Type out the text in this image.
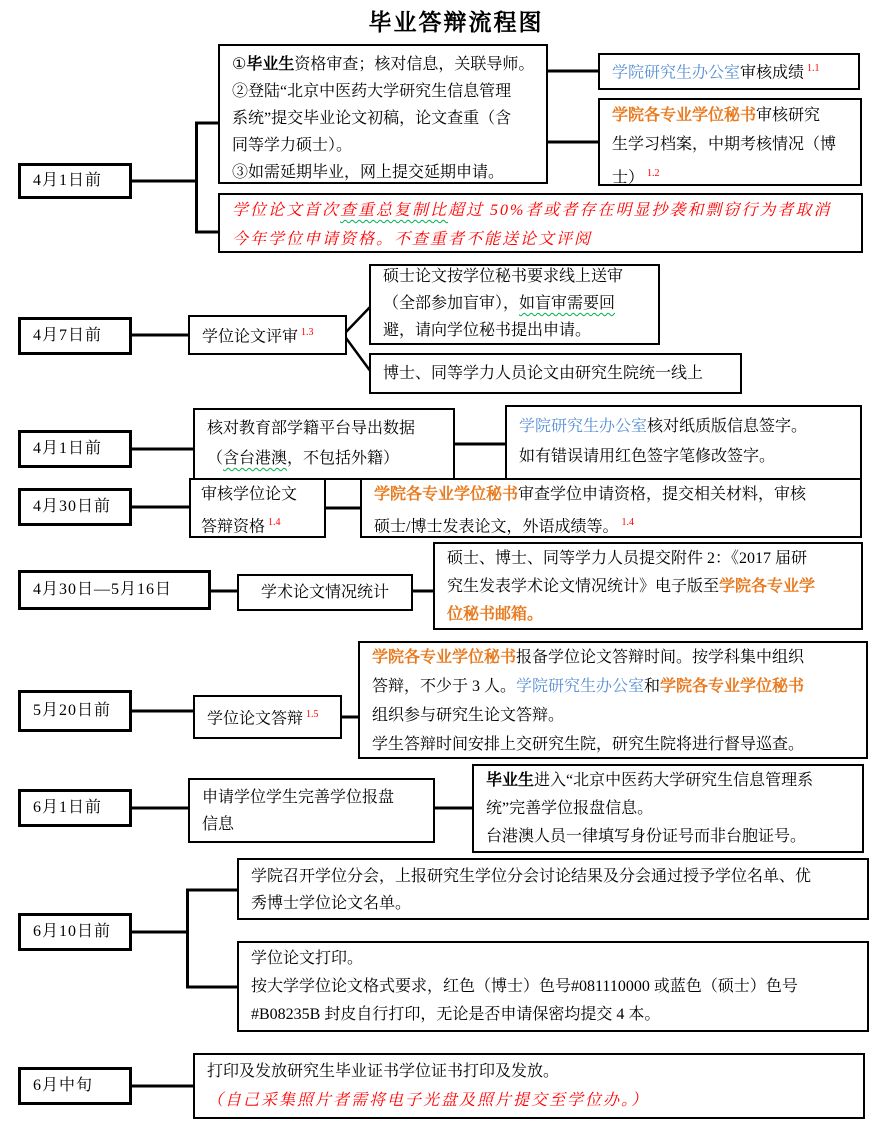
毕业答辩流程图
4月1日前
4月7日前
4月1日前
4月30日前
4月30日—5月16日
5月20日前
6月1日前
6月10日前
6月中旬
①毕业生资格审查；核对信息，关联导师。
②登陆“北京中医药大学研究生信息管理
系统”提交毕业论文初稿，论文查重（含
同等学力硕士）。
③如需延期毕业，网上提交延期申请。
学院研究生办公室审核成绩 $^{1.1}$
学院各专业学位秘书审核研究
生学习档案，中期考核情况（博
士） $^{1.2}$
学位论文首次查重总复制比超过 50%者或者存在明显抄袭和剽窃行为者取消
今年学位申请资格。不查重者不能送论文评阅
学位论文评审 $^{1.3}$
硕士论文按学位秘书要求线上送审
（全部参加盲审），如盲审需要回
避，请向学位秘书提出申请。
博士、同等学力人员论文由研究生院统一线上
核对教育部学籍平台导出数据
（含台港澳，不包括外籍）
学院研究生办公室核对纸质版信息签字。
如有错误请用红色签字笔修改签字。
审核学位论文
答辩资格 $^{1.4}$
学院各专业学位秘书审查学位申请资格，提交相关材料，审核
硕士/博士发表论文，外语成绩等。 $^{1.4}$
学术论文情况统计
硕士、博士、同等学力人员提交附件 2：《2017 届研
究生发表学术论文情况统计》电子版至学院各专业学
位秘书邮箱。
学位论文答辩 $^{1.5}$
学院各专业学位秘书报备学位论文答辩时间。按学科集中组织
答辩，不少于 3 人。学院研究生办公室和学院各专业学位秘书
组织参与研究生论文答辩。
学生答辩时间安排上交研究生院，研究生院将进行督导巡查。
申请学位学生完善学位报盘
信息
毕业生进入“北京中医药大学研究生信息管理系
统”完善学位报盘信息。
台港澳人员一律填写身份证号而非台胞证号。
学院召开学位分会，上报研究生学位分会讨论结果及分会通过授予学位名单、优
秀博士学位论文名单。
学位论文打印。
按大学学位论文格式要求，红色（博士）色号#081110000 或蓝色（硕士）色号
#B08235B 封皮自行打印，无论是否申请保密均提交 4 本。
打印及发放研究生毕业证书学位证书打印及发放。
（自己采集照片者需将电子光盘及照片提交至学位办。）
